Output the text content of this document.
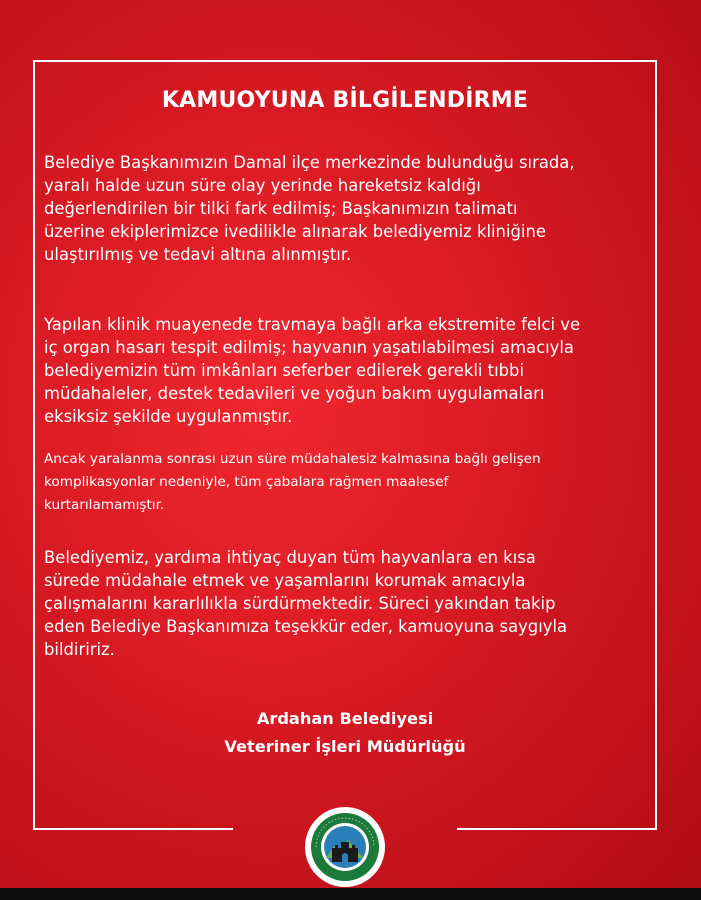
KAMUOYUNA BİLGİLENDİRME

Belediye Başkanımızın Damal ilçe merkezinde bulunduğu sırada,
yaralı halde uzun süre olay yerinde hareketsiz kaldığı
değerlendirilen bir tilki fark edilmiş; Başkanımızın talimatı
üzerine ekiplerimizce ivedilikle alınarak belediyemiz kliniğine
ulaştırılmış ve tedavi altına alınmıştır.

Yapılan klinik muayenede travmaya bağlı arka ekstremite felci ve
iç organ hasarı tespit edilmiş; hayvanın yaşatılabilmesi amacıyla
belediyemizin tüm imkânları seferber edilerek gerekli tıbbi
müdahaleler, destek tedavileri ve yoğun bakım uygulamaları
eksiksiz şekilde uygulanmıştır.

Ancak yaralanma sonrası uzun süre müdahalesiz kalmasına bağlı gelişen
komplikasyonlar nedeniyle, tüm çabalara rağmen maalesef
kurtarılamamıştır.

Belediyemiz, yardıma ihtiyaç duyan tüm hayvanlara en kısa
sürede müdahale etmek ve yaşamlarını korumak amacıyla
çalışmalarını kararlılıkla sürdürmektedir. Süreci yakından takip
eden Belediye Başkanımıza teşekkür eder, kamuoyuna saygıyla
bildiririz.

Ardahan Belediyesi
Veteriner İşleri Müdürlüğü
